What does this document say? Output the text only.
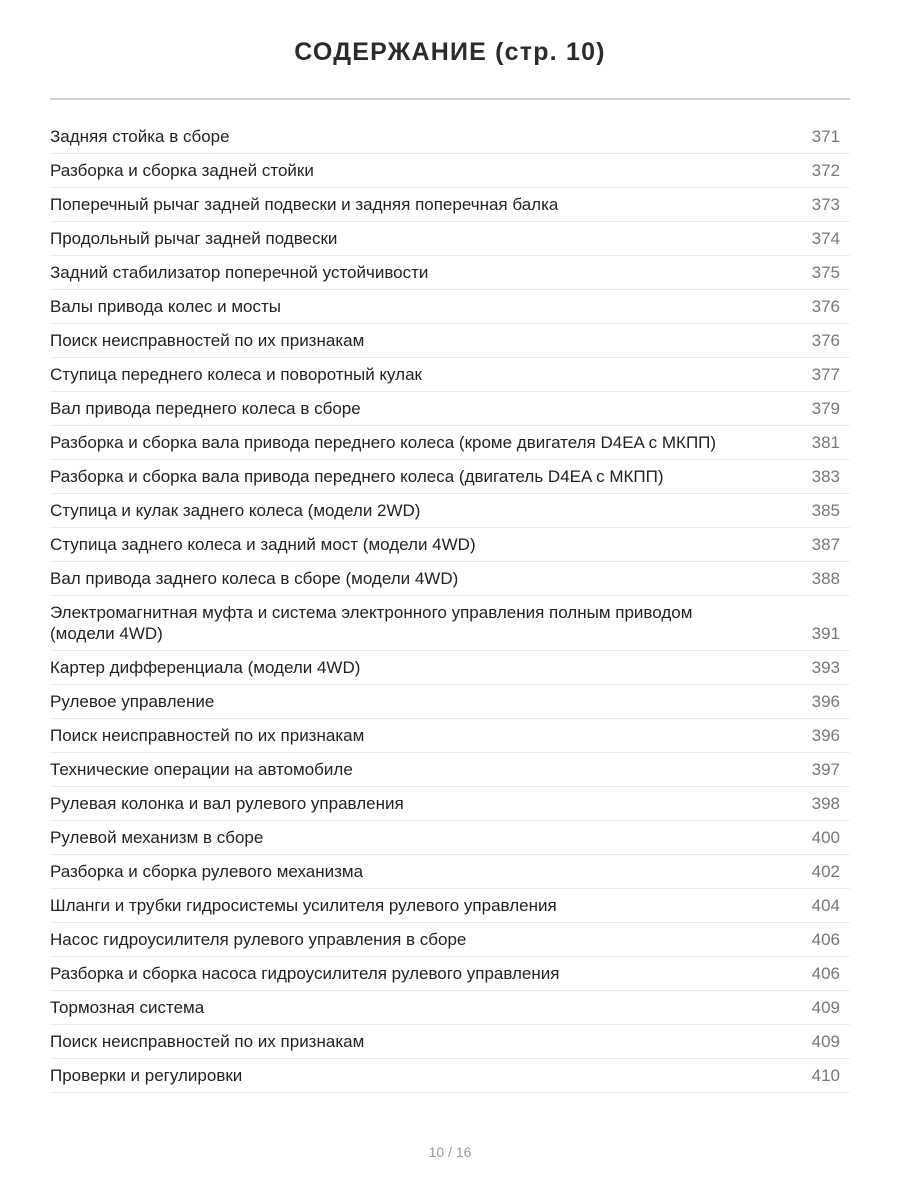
СОДЕРЖАНИЕ (стр. 10)
Задняя стойка в сборе	371
Разборка и сборка задней стойки	372
Поперечный рычаг задней подвески и задняя поперечная балка	373
Продольный рычаг задней подвески	374
Задний стабилизатор поперечной устойчивости	375
Валы привода колес и мосты	376
Поиск неисправностей по их признакам	376
Ступица переднего колеса и поворотный кулак	377
Вал привода переднего колеса в сборе	379
Разборка и сборка вала привода переднего колеса (кроме двигателя D4EA с МКПП)	381
Разборка и сборка вала привода переднего колеса (двигатель D4EA с МКПП)	383
Ступица и кулак заднего колеса (модели 2WD)	385
Ступица заднего колеса и задний мост (модели 4WD)	387
Вал привода заднего колеса в сборе (модели 4WD)	388
Электромагнитная муфта и система электронного управления полным приводом (модели 4WD)	391
Картер дифференциала (модели 4WD)	393
Рулевое управление	396
Поиск неисправностей по их признакам	396
Технические операции на автомобиле	397
Рулевая колонка и вал рулевого управления	398
Рулевой механизм в сборе	400
Разборка и сборка рулевого механизма	402
Шланги и трубки гидросистемы усилителя рулевого управления	404
Насос гидроусилителя рулевого управления в сборе	406
Разборка и сборка насоса гидроусилителя рулевого управления	406
Тормозная система	409
Поиск неисправностей по их признакам	409
Проверки и регулировки	410
10 / 16
